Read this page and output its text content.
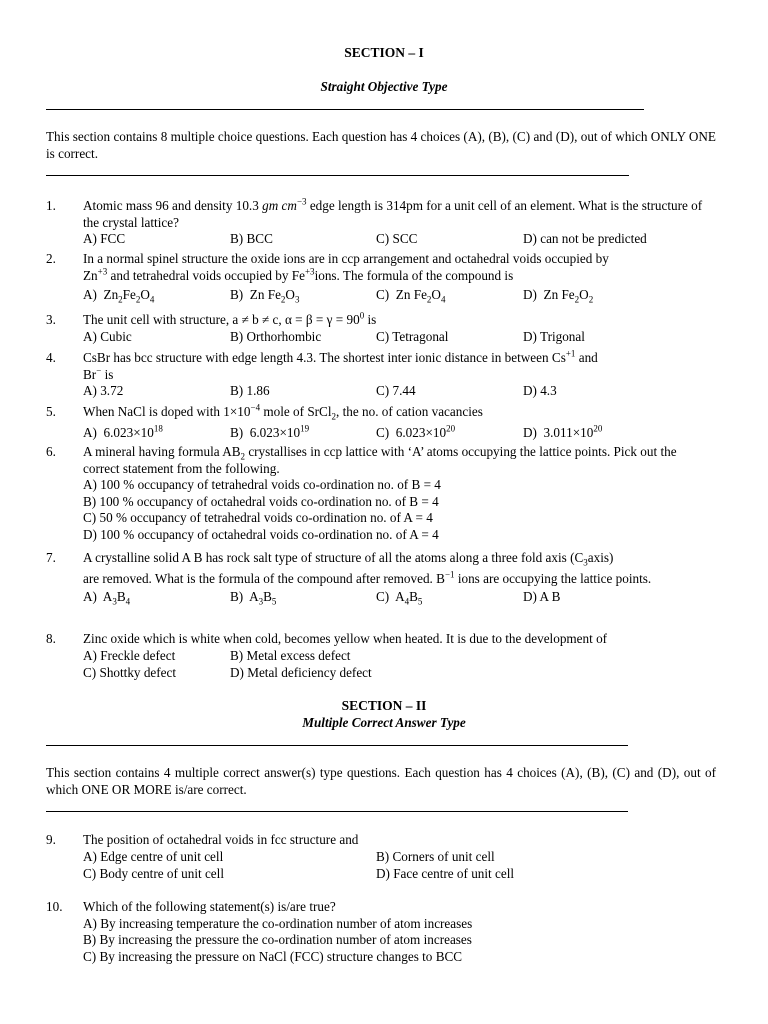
SECTION – I
Straight Objective Type
This section contains 8 multiple choice questions. Each question has 4 choices (A), (B), (C) and (D), out of which ONLY ONE is correct.
1. Atomic mass 96 and density 10.3 gm $cm^{-3}$ edge length is 314pm for a unit cell of an element. What is the structure of the crystal lattice?
A) FCC	B) BCC	C) SCC	D) can not be predicted
2. In a normal spinel structure the oxide ions are in ccp arrangement and octahedral voids occupied by
$Zn^{+3}$ and tetrahedral voids occupied by $Fe^{+3}ions$. The formula of the compound is
A) $Zn_2Fe_2O_4$	B) Zn $Fe_2O_3$	C) Zn $Fe_2O_4$	D) Zn $Fe_2O_2$
3. The unit cell with structure, a ≠ b ≠ c, $\alpha = \beta = \gamma = 90^0$ is
A) Cubic	B) Orthorhombic	C) Tetragonal	D) Trigonal
4. CsBr has bcc structure with edge length 4.3. The shortest inter ionic distance in between $Cs^{+1}$ and
Br− is
A) 3.72	B) 1.86	C) 7.44	D) 4.3
5. When NaCl is doped with $1\times 10^{-4}$ mole of SrCl$_2$, the no. of cation vacancies
A) $6.023\times 10^{18}$	B) $6.023\times 10^{19}$	C) $6.023\times 10^{20}$	D) $3.011\times 10^{20}$
6. A mineral having formula $AB_2$ crystallises in ccp lattice with ‘A’ atoms occupying the lattice points. Pick out the correct statement from the following.
A) 100 % occupancy of tetrahedral voids co-ordination no. of B = 4
B) 100 % occupancy of octahedral voids co-ordination no. of B = 4
C) 50 % occupancy of tetrahedral voids co-ordination no. of A = 4
D) 100 % occupancy of octahedral voids co-ordination no. of A = 4
7. A crystalline solid A B has rock salt type of structure of all the atoms along a three fold axis $(C_3axis)$
are removed. What is the formula of the compound after removed. $B^{-1}$ ions are occupying the lattice points.
A) $A_3B_4$	B) $A_3B_5$	C) $A_4B_5$	D) A B
8. Zinc oxide which is white when cold, becomes yellow when heated. It is due to the development of
A) Freckle defect	B) Metal excess defect
C) Shottky defect	D) Metal deficiency defect
SECTION – II
Multiple Correct Answer Type
This section contains 4 multiple correct answer(s) type questions. Each question has 4 choices (A), (B), (C) and (D), out of which ONE OR MORE is/are correct.
9. The position of octahedral voids in fcc structure and
A) Edge centre of unit cell	B) Corners of unit cell
C) Body centre of unit cell	D) Face centre of unit cell
10. Which of the following statement(s) is/are true?
A) By increasing temperature the co-ordination number of atom increases
B) By increasing the pressure the co-ordination number of atom increases
C) By increasing the pressure on NaCl (FCC) structure changes to BCC
